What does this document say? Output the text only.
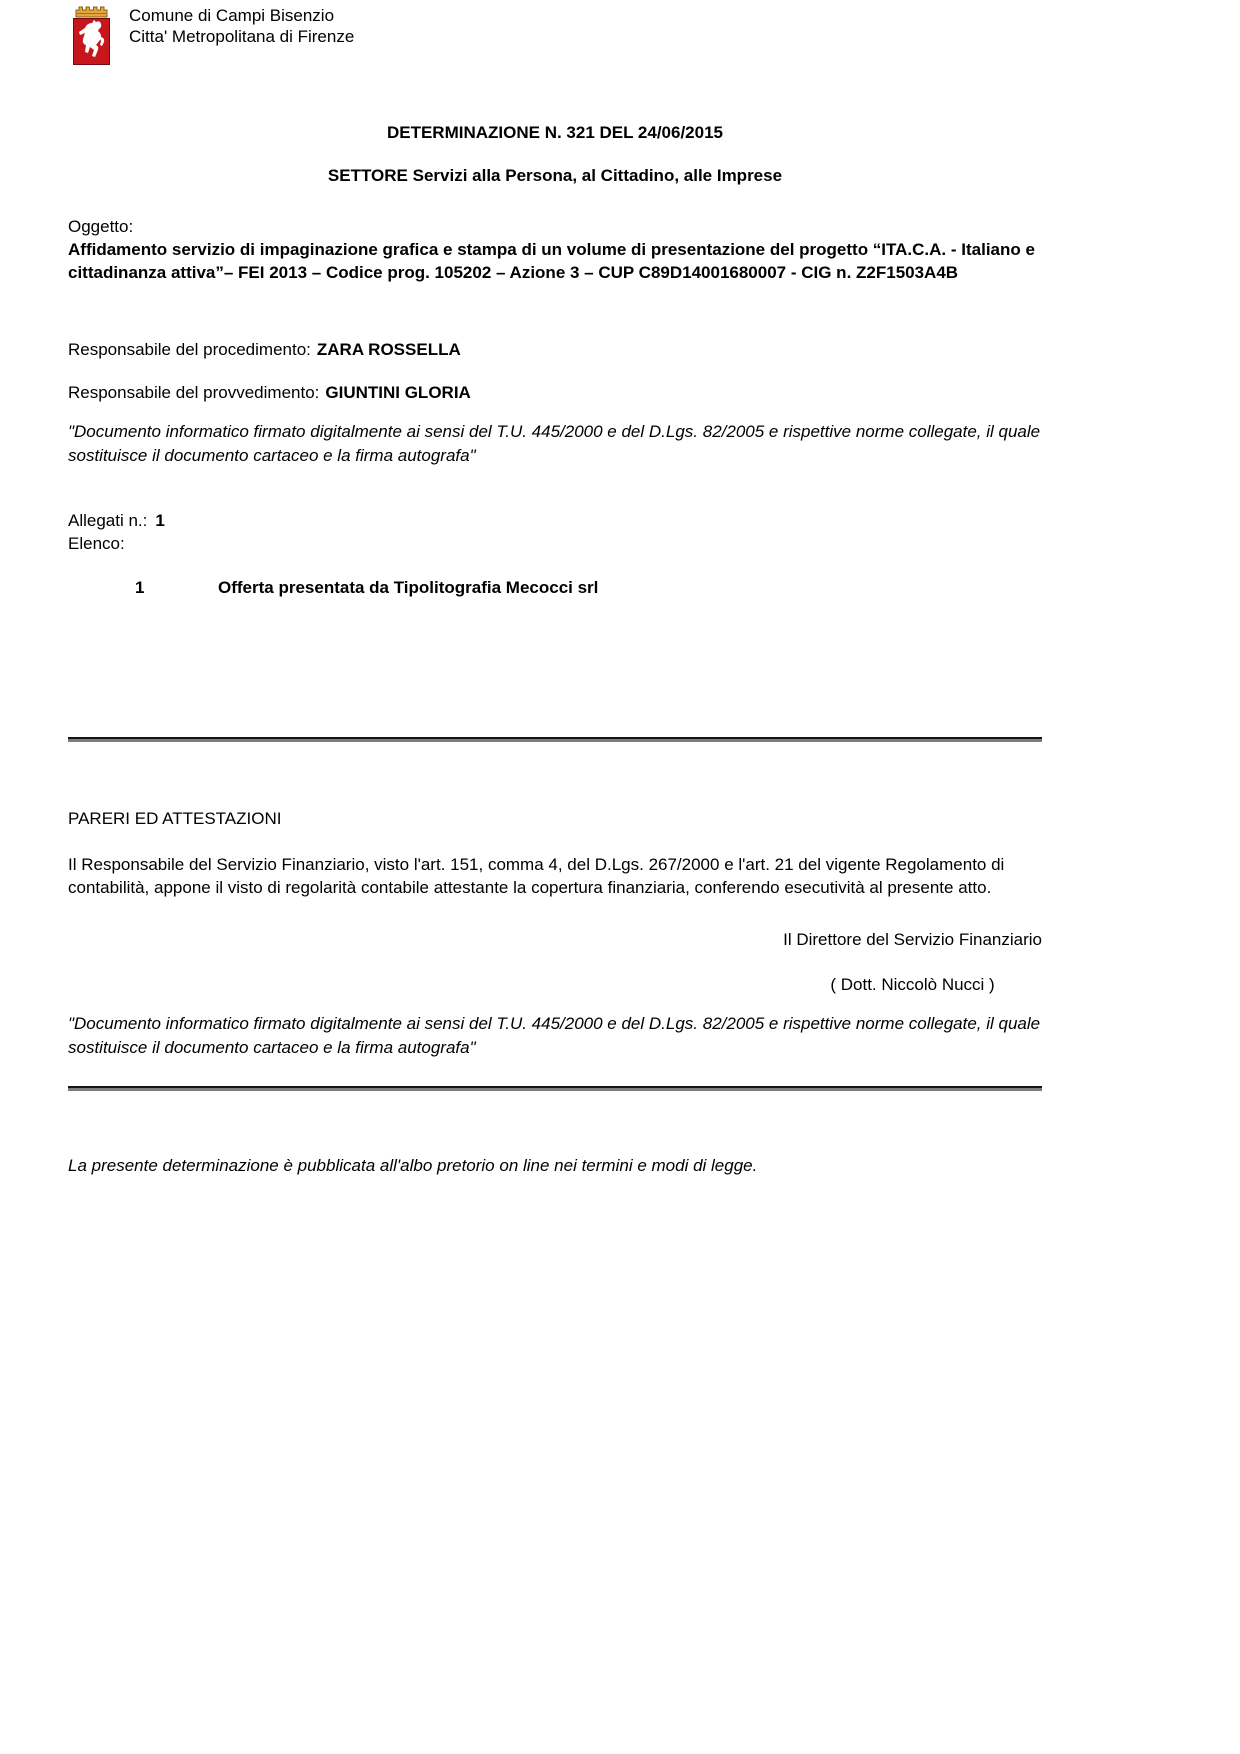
Comune di Campi Bisenzio
Citta' Metropolitana di Firenze
DETERMINAZIONE N. 321 DEL 24/06/2015
SETTORE Servizi alla Persona, al Cittadino, alle Imprese
Oggetto:
Affidamento servizio di impaginazione grafica e stampa di un volume di presentazione del progetto “ITA.C.A. - Italiano e cittadinanza attiva”– FEI 2013 – Codice prog. 105202 – Azione 3 – CUP C89D14001680007 - CIG n. Z2F1503A4B
Responsabile del procedimento: ZARA ROSSELLA
Responsabile del provvedimento: GIUNTINI GLORIA
"Documento informatico firmato digitalmente ai sensi del T.U. 445/2000 e del D.Lgs. 82/2005 e rispettive norme collegate, il quale sostituisce il documento cartaceo e la firma autografa"
Allegati n.: 1
Elenco:
1	Offerta presentata da Tipolitografia Mecocci srl
PARERI ED ATTESTAZIONI
Il Responsabile del Servizio Finanziario, visto l'art. 151, comma 4, del D.Lgs. 267/2000 e l'art. 21 del vigente Regolamento di contabilità, appone il visto di regolarità contabile attestante la copertura finanziaria, conferendo esecutività al presente atto.
Il Direttore del Servizio Finanziario
( Dott. Niccolò Nucci )
"Documento informatico firmato digitalmente ai sensi del T.U. 445/2000 e del D.Lgs. 82/2005 e rispettive norme collegate, il quale sostituisce il documento cartaceo e la firma autografa"
La presente determinazione è pubblicata all'albo pretorio on line nei termini e modi di legge.
